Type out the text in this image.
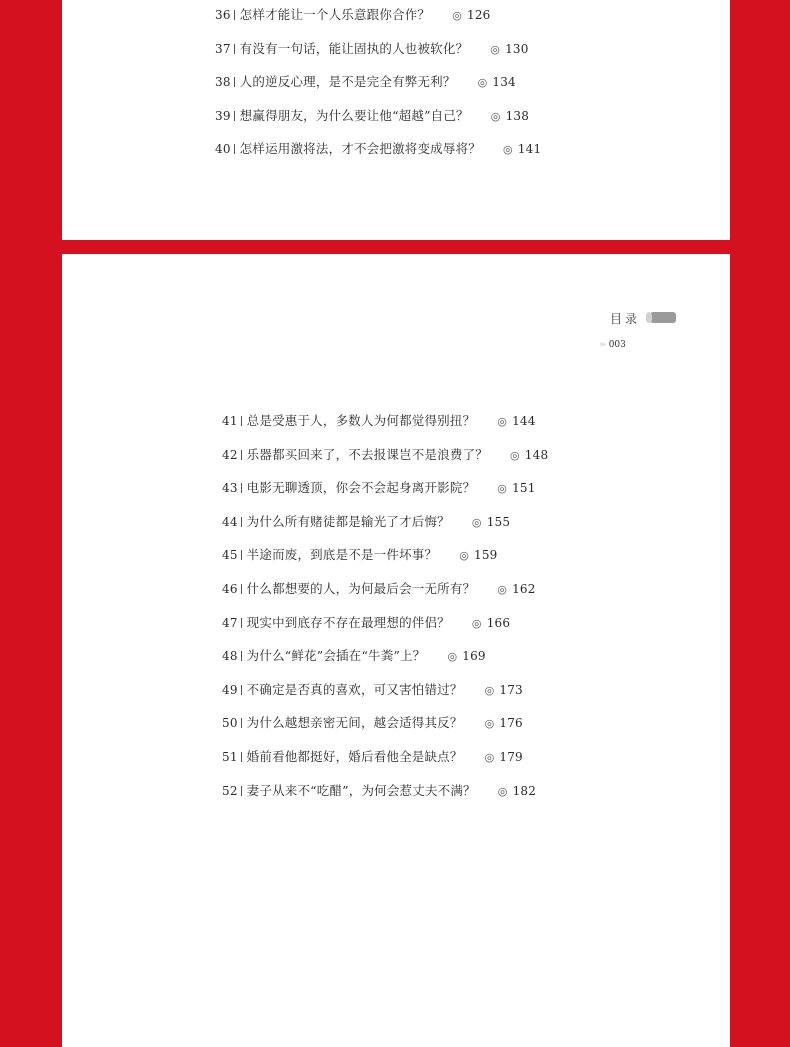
36 怎样才能让一个人乐意跟你合作？ ◎ 126
37 有没有一句话，能让固执的人也被软化？ ◎ 130
38 人的逆反心理，是不是完全有弊无利？ ◎ 134
39 想赢得朋友，为什么要让他“超越”自己？ ◎ 138
40 怎样运用激将法，才不会把激将变成辱将？ ◎ 141
目录
››› 003
41 总是受惠于人，多数人为何都觉得别扭？ ◎ 144
42 乐器都买回来了，不去报课岂不是浪费了？ ◎ 148
43 电影无聊透顶，你会不会起身离开影院？ ◎ 151
44 为什么所有赌徒都是输光了才后悔？ ◎ 155
45 半途而废，到底是不是一件坏事？ ◎ 159
46 什么都想要的人，为何最后会一无所有？ ◎ 162
47 现实中到底存不存在最理想的伴侣？ ◎ 166
48 为什么“鲜花”会插在“牛粪”上？ ◎ 169
49 不确定是否真的喜欢，可又害怕错过？ ◎ 173
50 为什么越想亲密无间，越会适得其反？ ◎ 176
51 婚前看他都挺好，婚后看他全是缺点？ ◎ 179
52 妻子从来不“吃醋”，为何会惹丈夫不满？ ◎ 182
